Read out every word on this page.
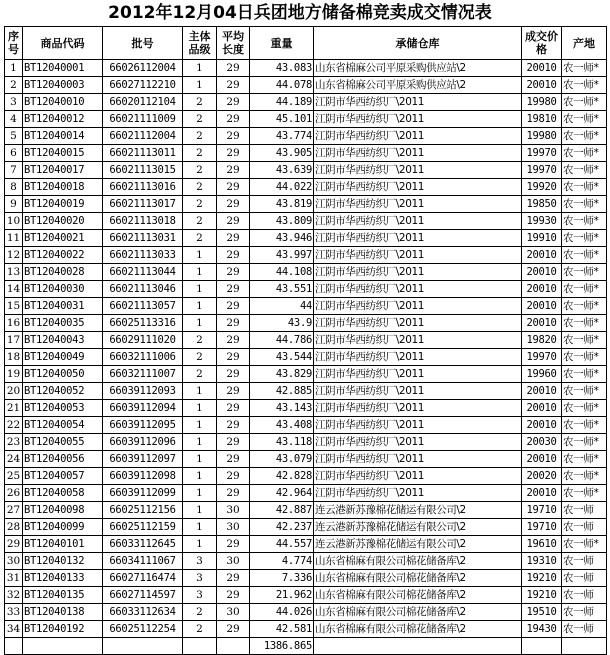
2012年12月04日兵团地方储备棉竞卖成交情况表
序号	商品代码	批号	主体品级	平均长度	重量	承储仓库	成交价格	产地
1	BT12040001	66026112004	1	29	43.083	山东省棉麻公司平原采购供应站\2	20010	农一师*
2	BT12040003	66027112210	1	29	44.078	山东省棉麻公司平原采购供应站\2	20010	农一师*
3	BT12040010	66020112104	2	29	44.189	江阴市华西纺织厂\2011	19980	农一师*
4	BT12040012	66021111009	2	29	45.101	江阴市华西纺织厂\2011	19810	农一师*
5	BT12040014	66021112004	2	29	43.774	江阴市华西纺织厂\2011	19980	农一师*
6	BT12040015	66021113011	2	29	43.905	江阴市华西纺织厂\2011	19970	农一师*
7	BT12040017	66021113015	2	29	43.639	江阴市华西纺织厂\2011	19970	农一师*
8	BT12040018	66021113016	2	29	44.022	江阴市华西纺织厂\2011	19920	农一师*
9	BT12040019	66021113017	2	29	43.819	江阴市华西纺织厂\2011	19850	农一师*
10	BT12040020	66021113018	2	29	43.809	江阴市华西纺织厂\2011	19930	农一师*
11	BT12040021	66021113031	2	29	43.946	江阴市华西纺织厂\2011	19910	农一师*
12	BT12040022	66021113033	1	29	43.997	江阴市华西纺织厂\2011	20010	农一师*
13	BT12040028	66021113044	1	29	44.108	江阴市华西纺织厂\2011	20010	农一师*
14	BT12040030	66021113046	1	29	43.551	江阴市华西纺织厂\2011	20010	农一师*
15	BT12040031	66021113057	1	29	44	江阴市华西纺织厂\2011	20010	农一师*
16	BT12040035	66025113316	1	29	43.9	江阴市华西纺织厂\2011	20010	农一师*
17	BT12040043	66029111020	2	29	44.786	江阴市华西纺织厂\2011	19820	农一师*
18	BT12040049	66032111006	2	29	43.544	江阴市华西纺织厂\2011	19970	农一师*
19	BT12040050	66032111007	2	29	43.829	江阴市华西纺织厂\2011	19960	农一师*
20	BT12040052	66039112093	1	29	42.885	江阴市华西纺织厂\2011	20010	农一师*
21	BT12040053	66039112094	1	29	43.143	江阴市华西纺织厂\2011	20010	农一师*
22	BT12040054	66039112095	1	29	43.408	江阴市华西纺织厂\2011	20010	农一师*
23	BT12040055	66039112096	1	29	43.118	江阴市华西纺织厂\2011	20030	农一师*
24	BT12040056	66039112097	1	29	43.079	江阴市华西纺织厂\2011	20010	农一师*
25	BT12040057	66039112098	1	29	42.828	江阴市华西纺织厂\2011	20020	农一师*
26	BT12040058	66039112099	1	29	42.964	江阴市华西纺织厂\2011	20010	农一师*
27	BT12040098	66025112156	1	30	42.887	连云港新苏豫棉花储运有限公司\2	19710	农一师
28	BT12040099	66025112159	1	30	42.237	连云港新苏豫棉花储运有限公司\2	19710	农一师
29	BT12040101	66033112645	1	29	44.557	连云港新苏豫棉花储运有限公司\2	19610	农一师*
30	BT12040132	66034111067	3	30	4.774	山东省棉麻有限公司棉花储备库\2	19310	农一师
31	BT12040133	66027116474	3	29	7.336	山东省棉麻有限公司棉花储备库\2	19210	农一师
32	BT12040135	66027114597	3	29	21.962	山东省棉麻有限公司棉花储备库\2	19210	农一师
33	BT12040138	66033112634	2	30	44.026	山东省棉麻有限公司棉花储备库\2	19510	农一师
34	BT12040192	66025112254	2	29	42.581	山东省棉麻有限公司棉花储备库\2	19430	农一师
					1386.865			
